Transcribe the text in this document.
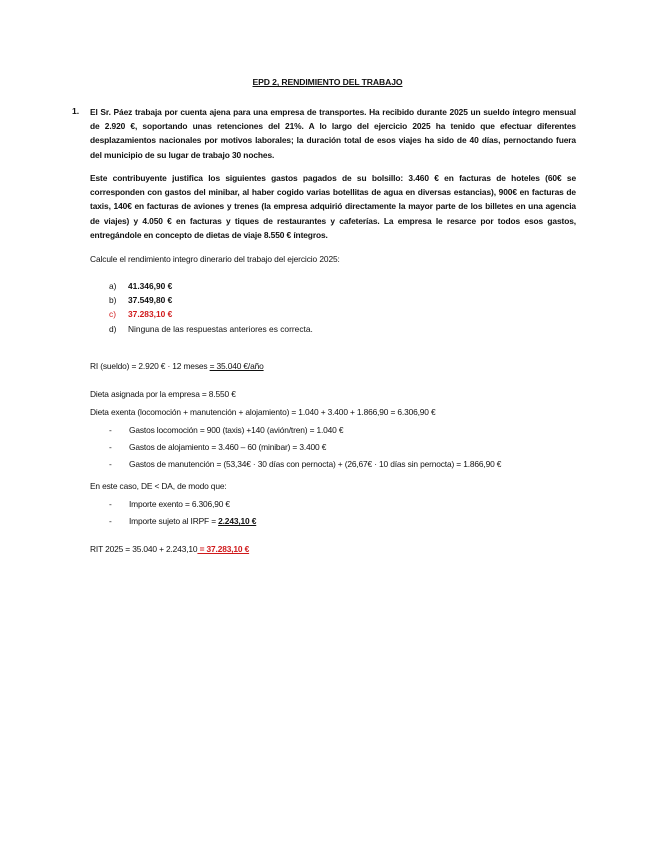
EPD 2, RENDIMIENTO DEL TRABAJO
1. El Sr. Páez trabaja por cuenta ajena para una empresa de transportes. Ha recibido durante 2025 un sueldo íntegro mensual de 2.920 €, soportando unas retenciones del 21%. A lo largo del ejercicio 2025 ha tenido que efectuar diferentes desplazamientos nacionales por motivos laborales; la duración total de esos viajes ha sido de 40 días, pernoctando fuera del municipio de su lugar de trabajo 30 noches.
Este contribuyente justifica los siguientes gastos pagados de su bolsillo: 3.460 € en facturas de hoteles (60€ se corresponden con gastos del minibar, al haber cogido varias botellitas de agua en diversas estancias), 900€ en facturas de taxis, 140€ en facturas de aviones y trenes (la empresa adquirió directamente la mayor parte de los billetes en una agencia de viajes) y 4.050 € en facturas y tiques de restaurantes y cafeterías. La empresa le resarce por todos esos gastos, entregándole en concepto de dietas de viaje 8.550 € íntegros.
Calcule el rendimiento integro dinerario del trabajo del ejercicio 2025:
a)	41.346,90 €
b)	37.549,80 €
c)	37.283,10 €
d)	Ninguna de las respuestas anteriores es correcta.
RI (sueldo) = 2.920 € · 12 meses = 35.040 €/año
Dieta asignada por la empresa = 8.550 €
Dieta exenta (locomoción + manutención + alojamiento) = 1.040 + 3.400 + 1.866,90 = 6.306,90 €
- Gastos locomoción = 900 (taxis) +140 (avión/tren) = 1.040 €
- Gastos de alojamiento = 3.460 – 60 (minibar) = 3.400 €
- Gastos de manutención = (53,34€ · 30 días con pernocta) + (26,67€ · 10 días sin pernocta) = 1.866,90 €
En este caso, DE < DA, de modo que:
- Importe exento = 6.306,90 €
- Importe sujeto al IRPF = 2.243,10 €
RIT 2025 = 35.040 + 2.243,10 = 37.283,10 €
